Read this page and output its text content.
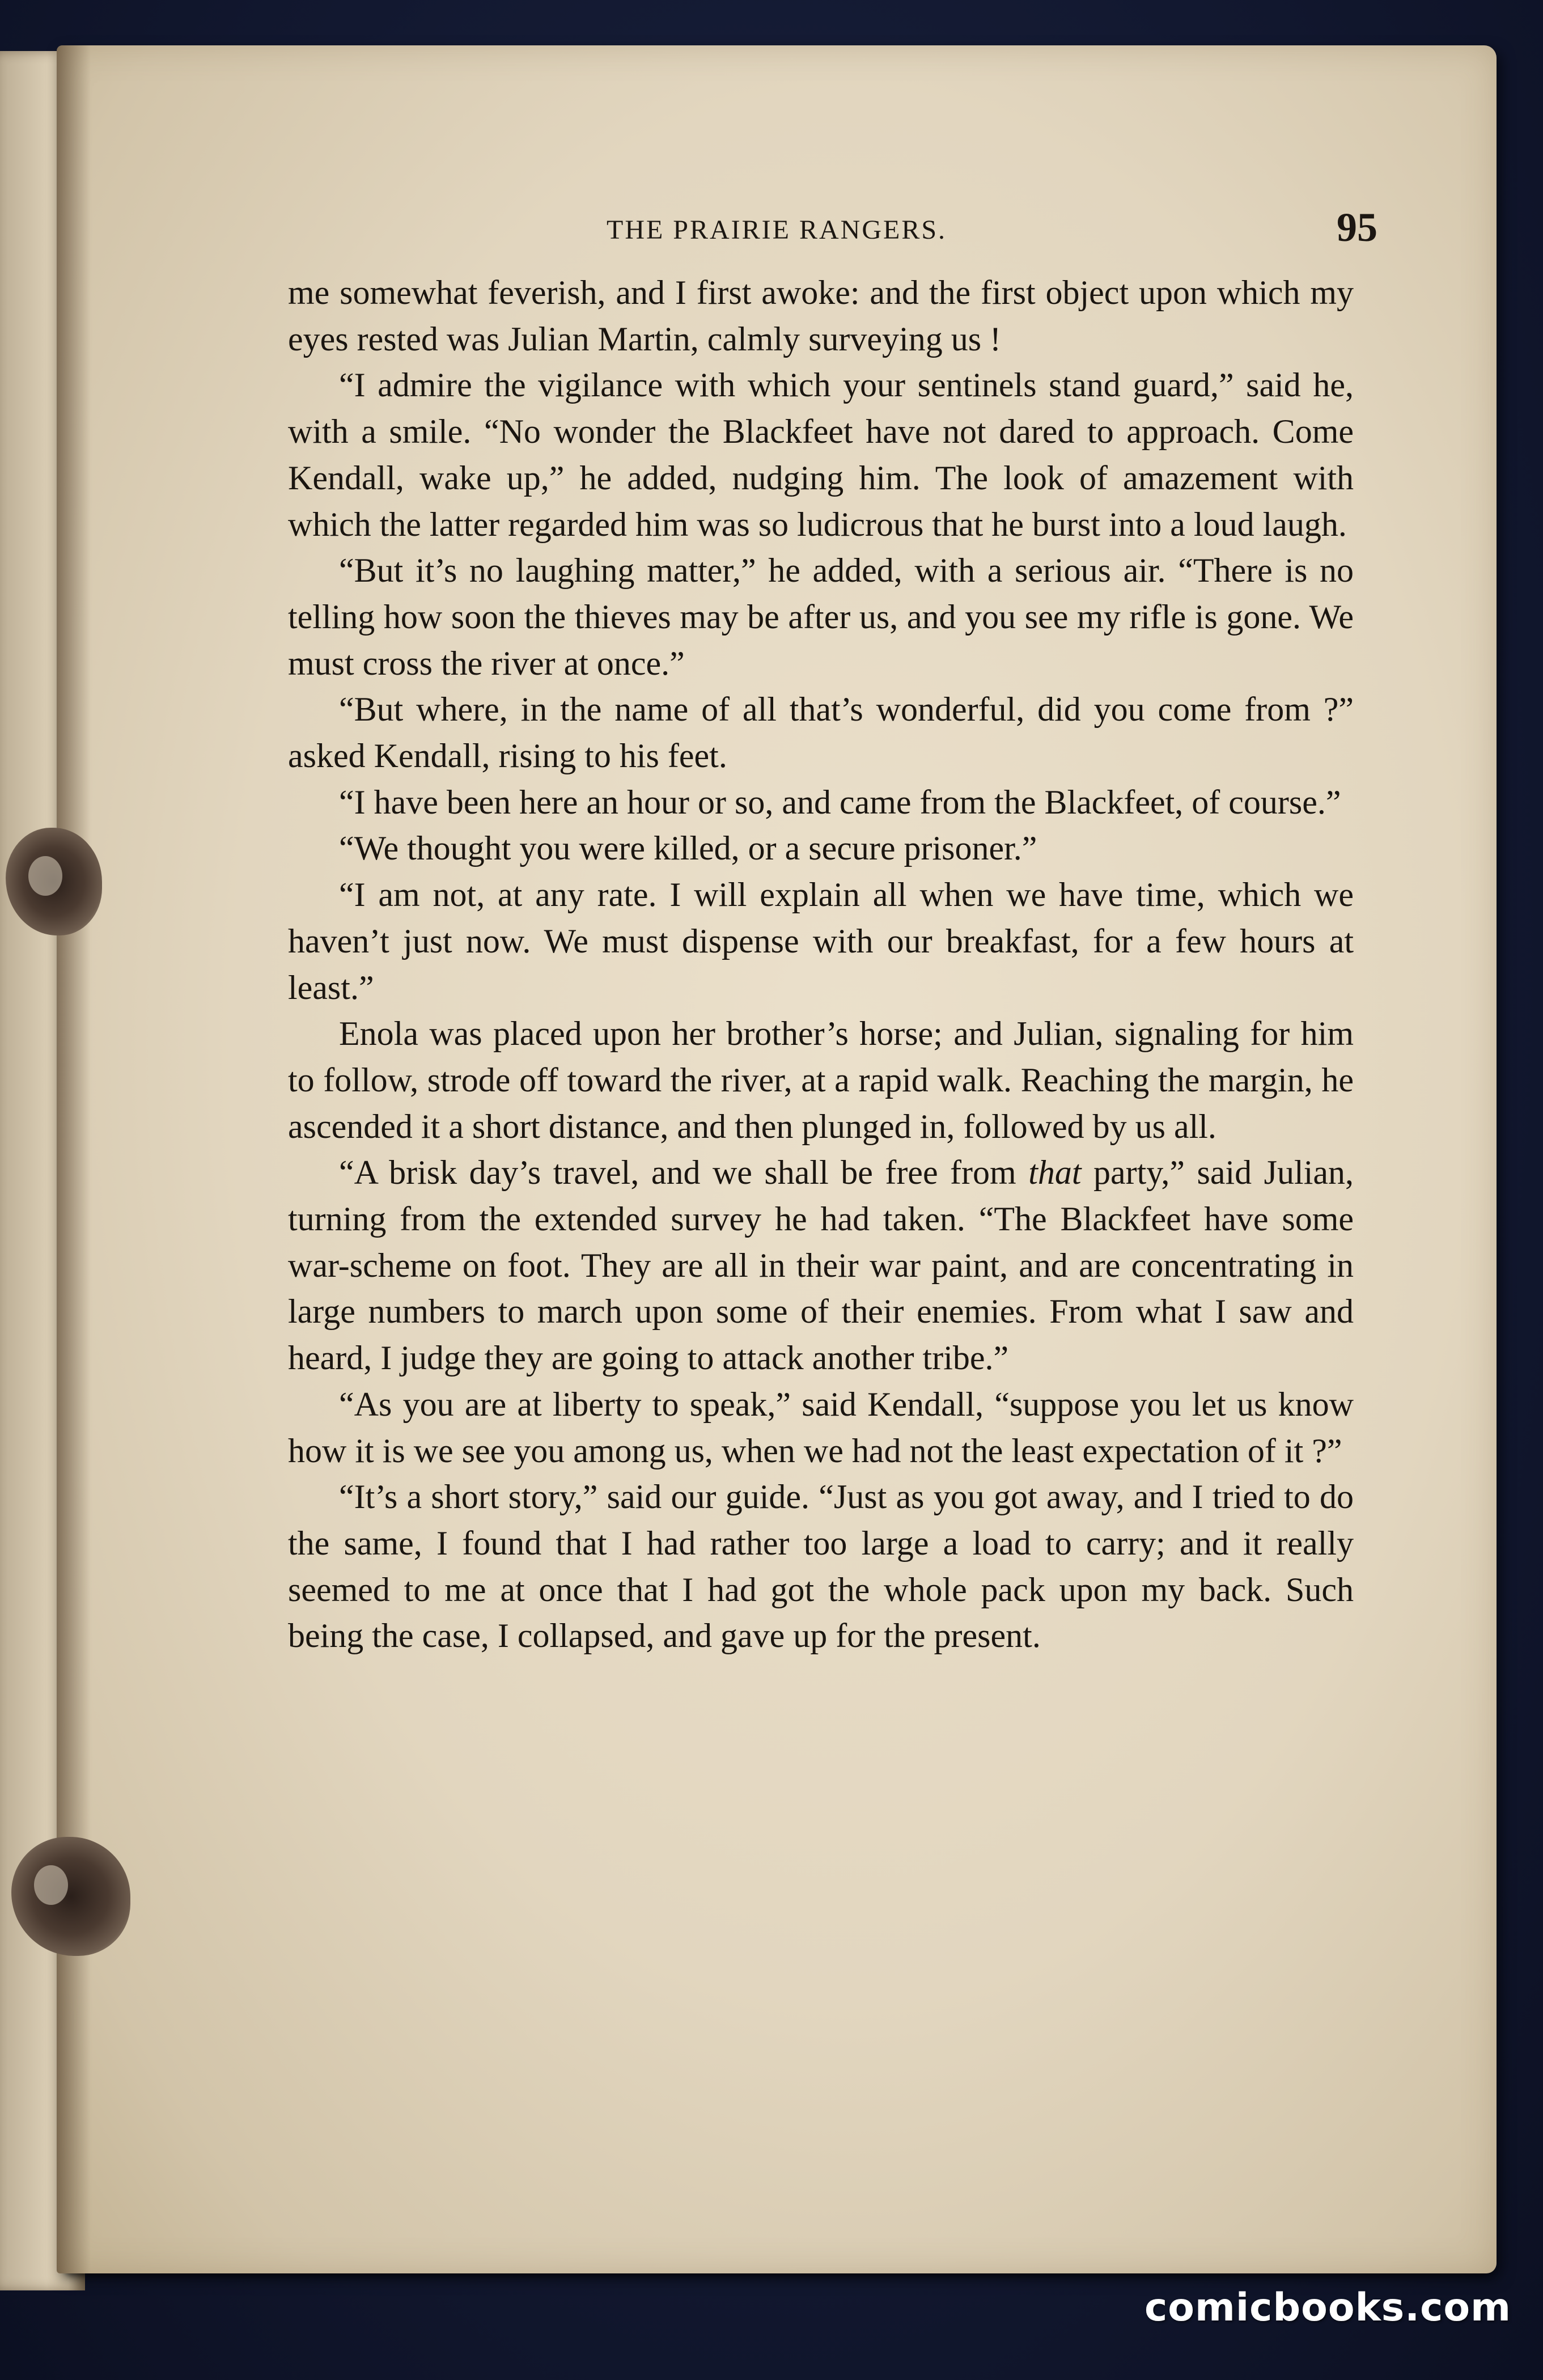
THE PRAIRIE RANGERS.	95

me somewhat feverish, and I first awoke: and the first object upon which my eyes rested was Julian Martin, calmly surveying us !

“I admire the vigilance with which your sentinels stand guard,” said he, with a smile. “No wonder the Blackfeet have not dared to approach. Come Kendall, wake up,” he added, nudging him. The look of amazement with which the latter regarded him was so ludicrous that he burst into a loud laugh.

“But it’s no laughing matter,” he added, with a serious air. “There is no telling how soon the thieves may be after us, and you see my rifle is gone. We must cross the river at once.”

“But where, in the name of all that’s wonderful, did you come from ?” asked Kendall, rising to his feet.

“I have been here an hour or so, and came from the Blackfeet, of course.”

“We thought you were killed, or a secure prisoner.”

“I am not, at any rate. I will explain all when we have time, which we haven’t just now. We must dispense with our breakfast, for a few hours at least.”

Enola was placed upon her brother’s horse; and Julian, signaling for him to follow, strode off toward the river, at a rapid walk. Reaching the margin, he ascended it a short distance, and then plunged in, followed by us all.

“A brisk day’s travel, and we shall be free from that party,” said Julian, turning from the extended survey he had taken. “The Blackfeet have some war-scheme on foot. They are all in their war paint, and are concentrating in large numbers to march upon some of their enemies. From what I saw and heard, I judge they are going to attack another tribe.”

“As you are at liberty to speak,” said Kendall, “suppose you let us know how it is we see you among us, when we had not the least expectation of it ?”

“It’s a short story,” said our guide. “Just as you got away, and I tried to do the same, I found that I had rather too large a load to carry; and it really seemed to me at once that I had got the whole pack upon my back. Such being the case, I collapsed, and gave up for the present.

comicbooks.com
